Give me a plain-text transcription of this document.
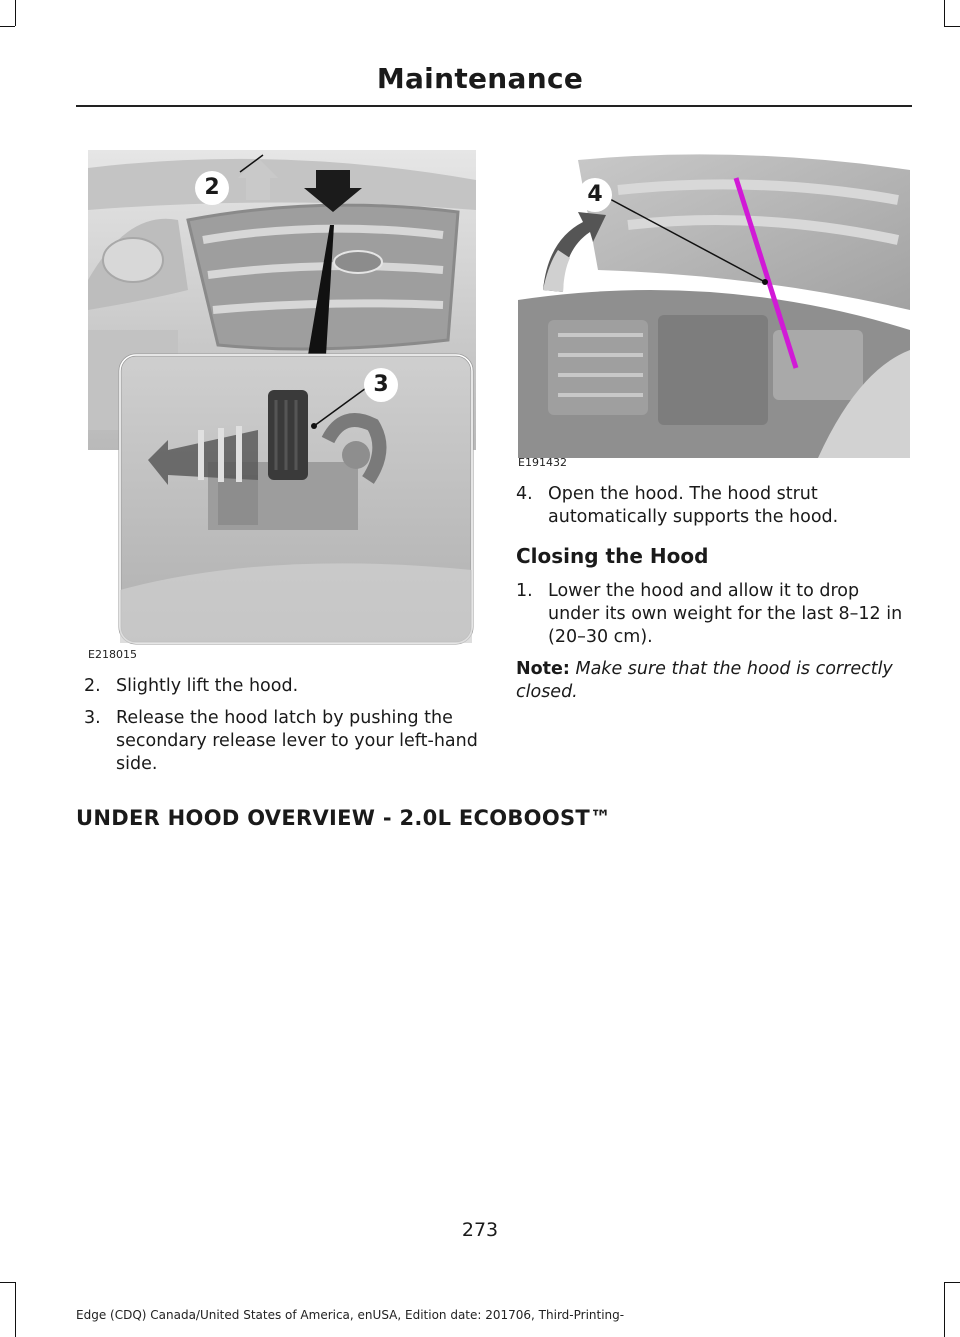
Maintenance
2
3
E218015
4
E191432
2. Slightly lift the hood.
3. Release the hood latch by pushing the secondary release lever to your left-hand side.
4. Open the hood. The hood strut automatically supports the hood.
Closing the Hood
1. Lower the hood and allow it to drop under its own weight for the last 8–12 in (20–30 cm).
Note: Make sure that the hood is correctly closed.
UNDER HOOD OVERVIEW - 2.0L ECOBOOST™
273
Edge (CDQ) Canada/United States of America, enUSA, Edition date: 201706, Third-Printing-
